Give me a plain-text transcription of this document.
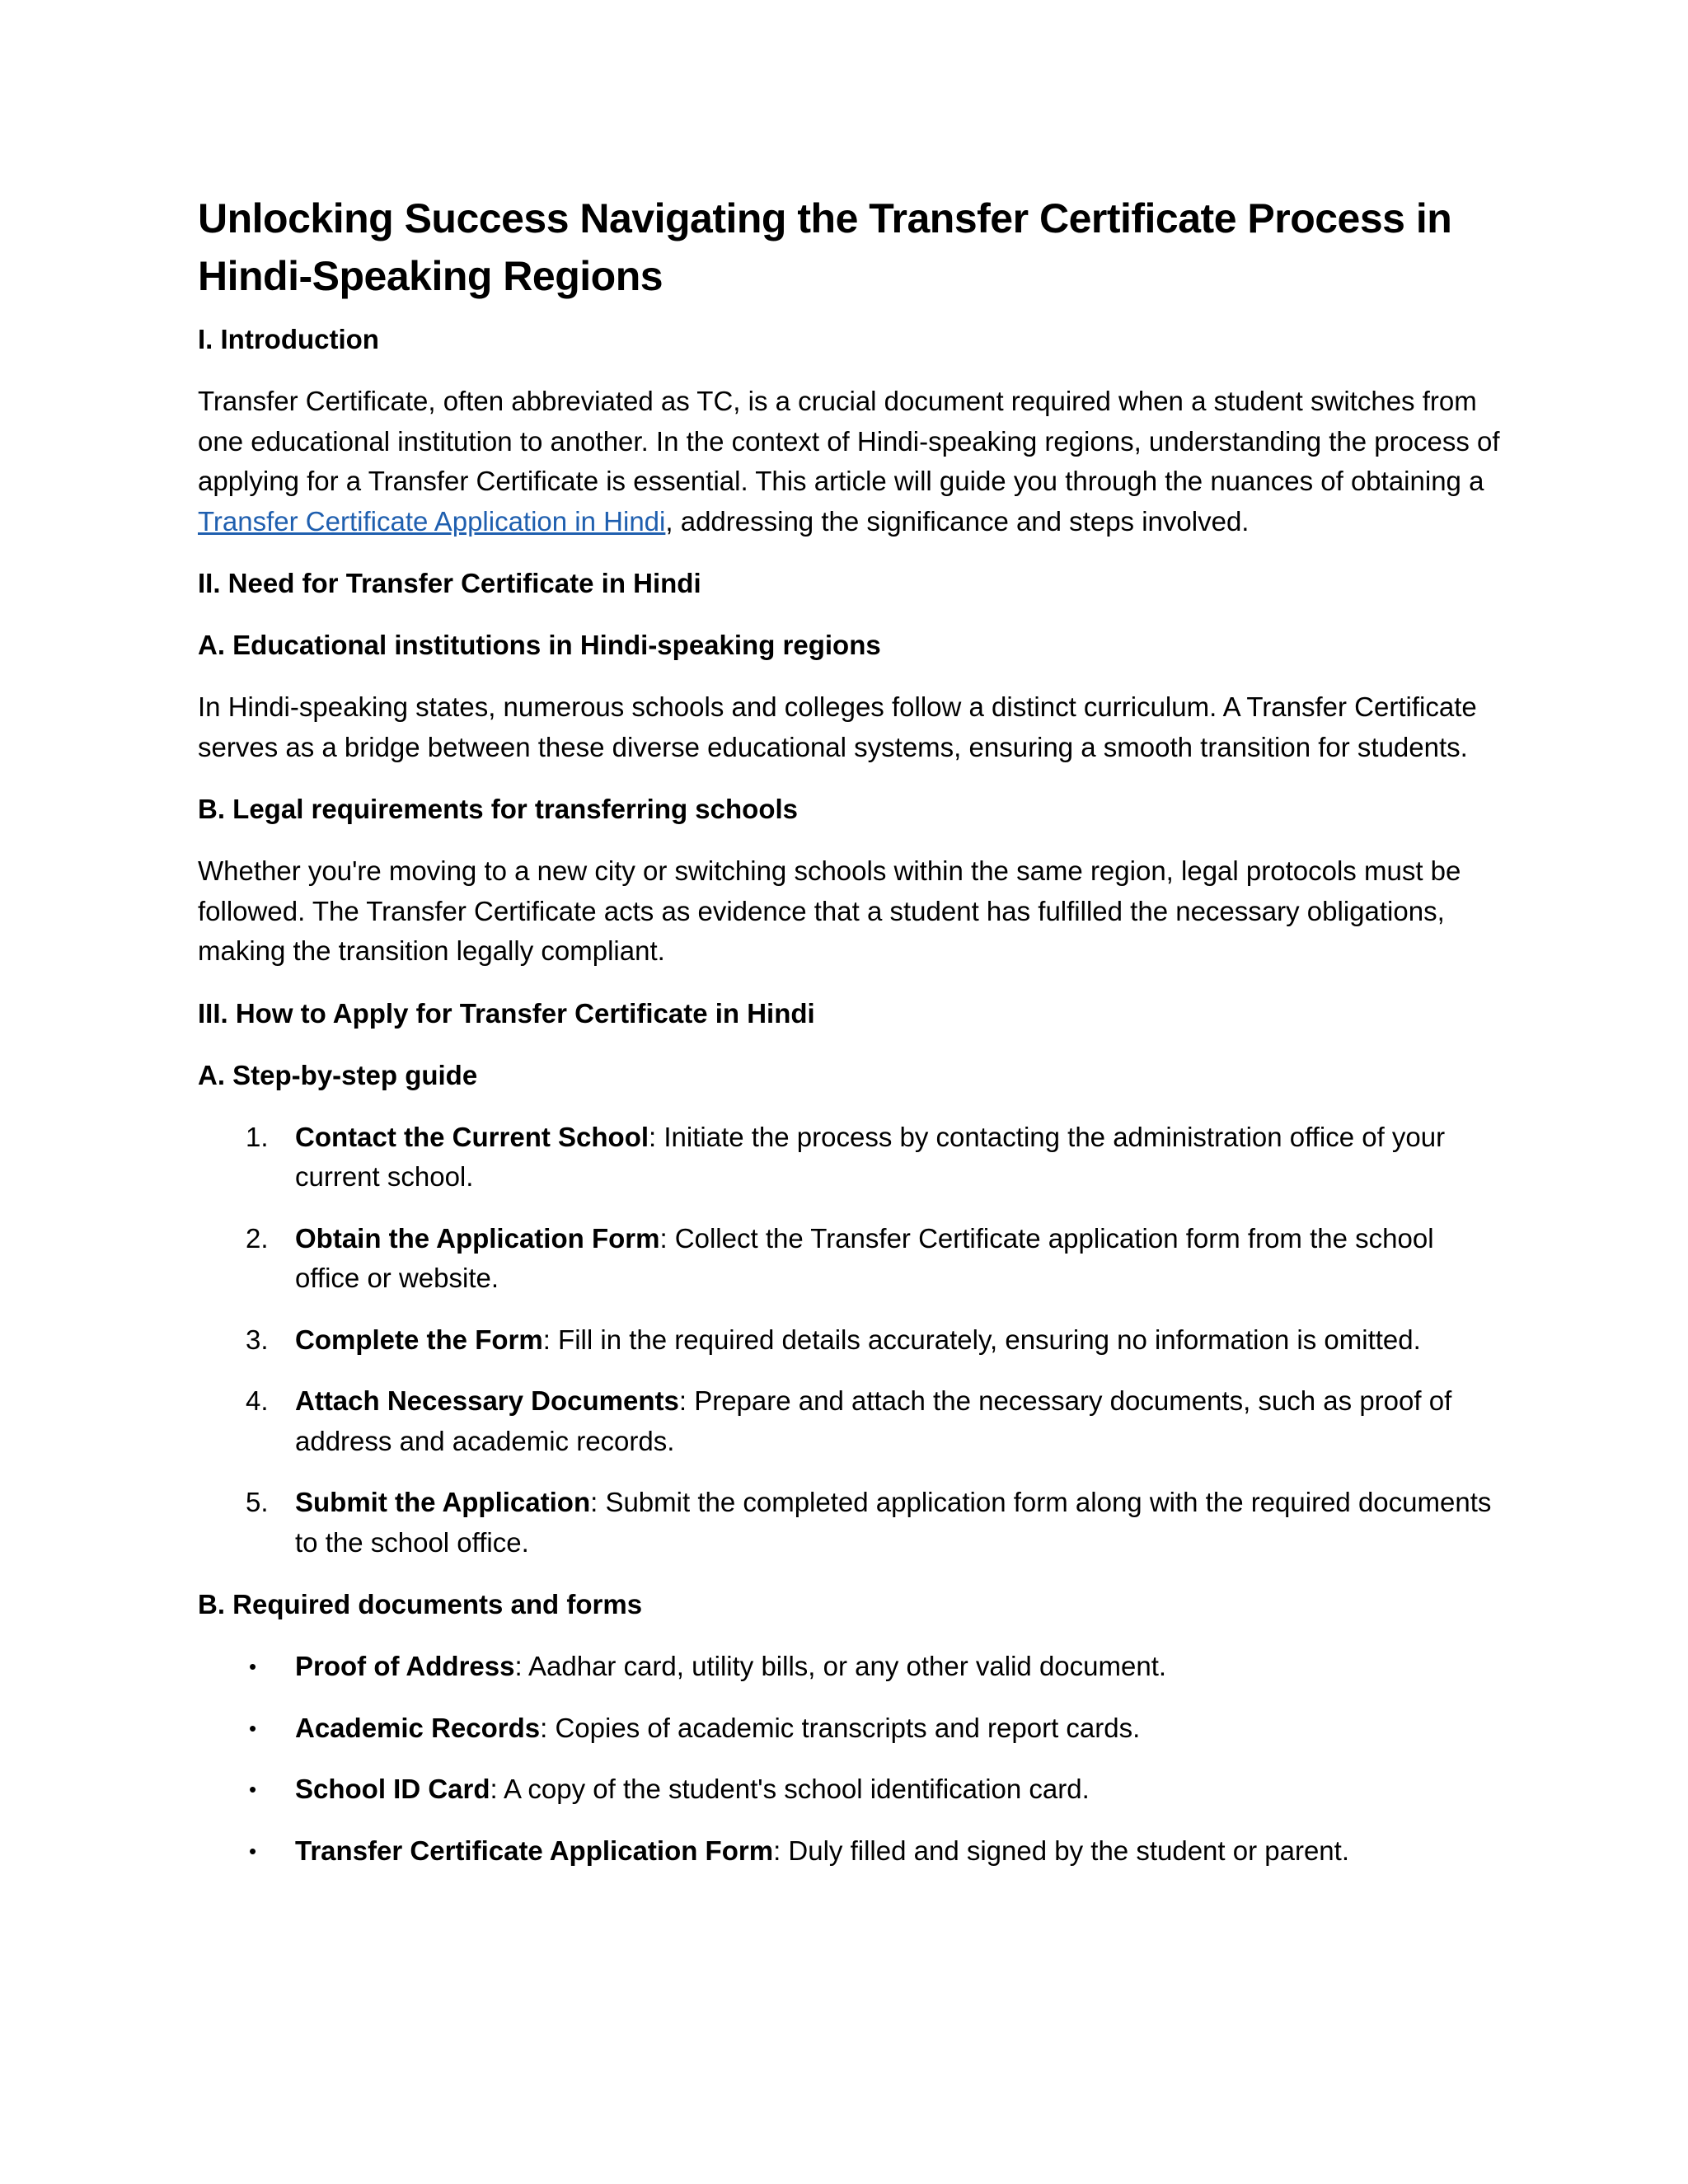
Unlocking Success Navigating the Transfer Certificate Process in Hindi-Speaking Regions
I. Introduction

Transfer Certificate, often abbreviated as TC, is a crucial document required when a student switches from one educational institution to another. In the context of Hindi-speaking regions, understanding the process of applying for a Transfer Certificate is essential. This article will guide you through the nuances of obtaining a Transfer Certificate Application in Hindi, addressing the significance and steps involved.

II. Need for Transfer Certificate in Hindi
A. Educational institutions in Hindi-speaking regions

In Hindi-speaking states, numerous schools and colleges follow a distinct curriculum. A Transfer Certificate serves as a bridge between these diverse educational systems, ensuring a smooth transition for students.

B. Legal requirements for transferring schools

Whether you're moving to a new city or switching schools within the same region, legal protocols must be followed. The Transfer Certificate acts as evidence that a student has fulfilled the necessary obligations, making the transition legally compliant.

III. How to Apply for Transfer Certificate in Hindi
A. Step-by-step guide
1. Contact the Current School: Initiate the process by contacting the administration office of your current school.
2. Obtain the Application Form: Collect the Transfer Certificate application form from the school office or website.
3. Complete the Form: Fill in the required details accurately, ensuring no information is omitted.
4. Attach Necessary Documents: Prepare and attach the necessary documents, such as proof of address and academic records.
5. Submit the Application: Submit the completed application form along with the required documents to the school office.
B. Required documents and forms
• Proof of Address: Aadhar card, utility bills, or any other valid document.
• Academic Records: Copies of academic transcripts and report cards.
• School ID Card: A copy of the student's school identification card.
• Transfer Certificate Application Form: Duly filled and signed by the student or parent.
